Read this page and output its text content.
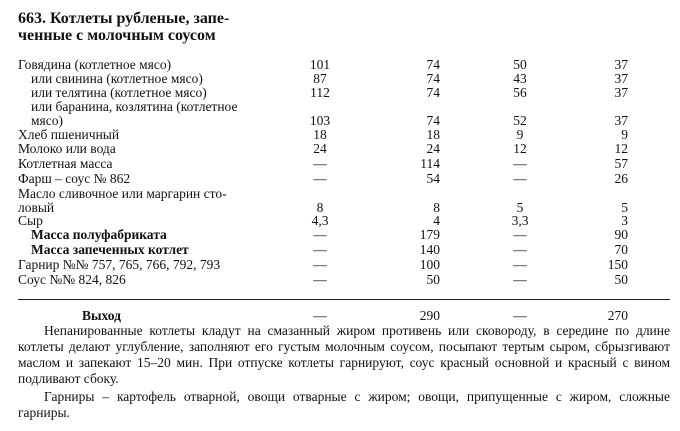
663. Котлеты рубленые, запе-
ченные с молочным соусом
Говядина (котлетное мясо)	101	74	50	37
или свинина (котлетное мясо)	87	74	43	37
или телятина (котлетное мясо)	112	74	56	37
или баранина, козлятина (котлетное
мясо)	103	74	52	37
Хлеб пшеничный	18	18	9	9
Молоко или вода	24	24	12	12
Котлетная масса	—	114	—	57
Фарш – соус № 862	—	54	—	26
Масло сливочное или маргарин сто-
ловый	8	8	5	5
Сыр	4,3	4	3,3	3
Масса полуфабриката	—	179	—	90
Масса запеченных котлет	—	140	—	70
Гарнир №№ 757, 765, 766, 792, 793	—	100	—	150
Соус №№ 824, 826	—	50	—	50
Выход	—	290	—	270

Непанированные котлеты кладут на смазанный жиром противень или сковороду, в середине по длине котлеты делают углубление, заполняют его густым молочным соусом, посыпают тертым сыром, сбрызгивают маслом и запекают 15–20 мин. При отпуске котлеты гарнируют, соус красный основной и красный с вином подливают сбоку.

Гарниры – картофель отварной, овощи отварные с жиром; овощи, припущенные с жиром, сложные гарниры.
